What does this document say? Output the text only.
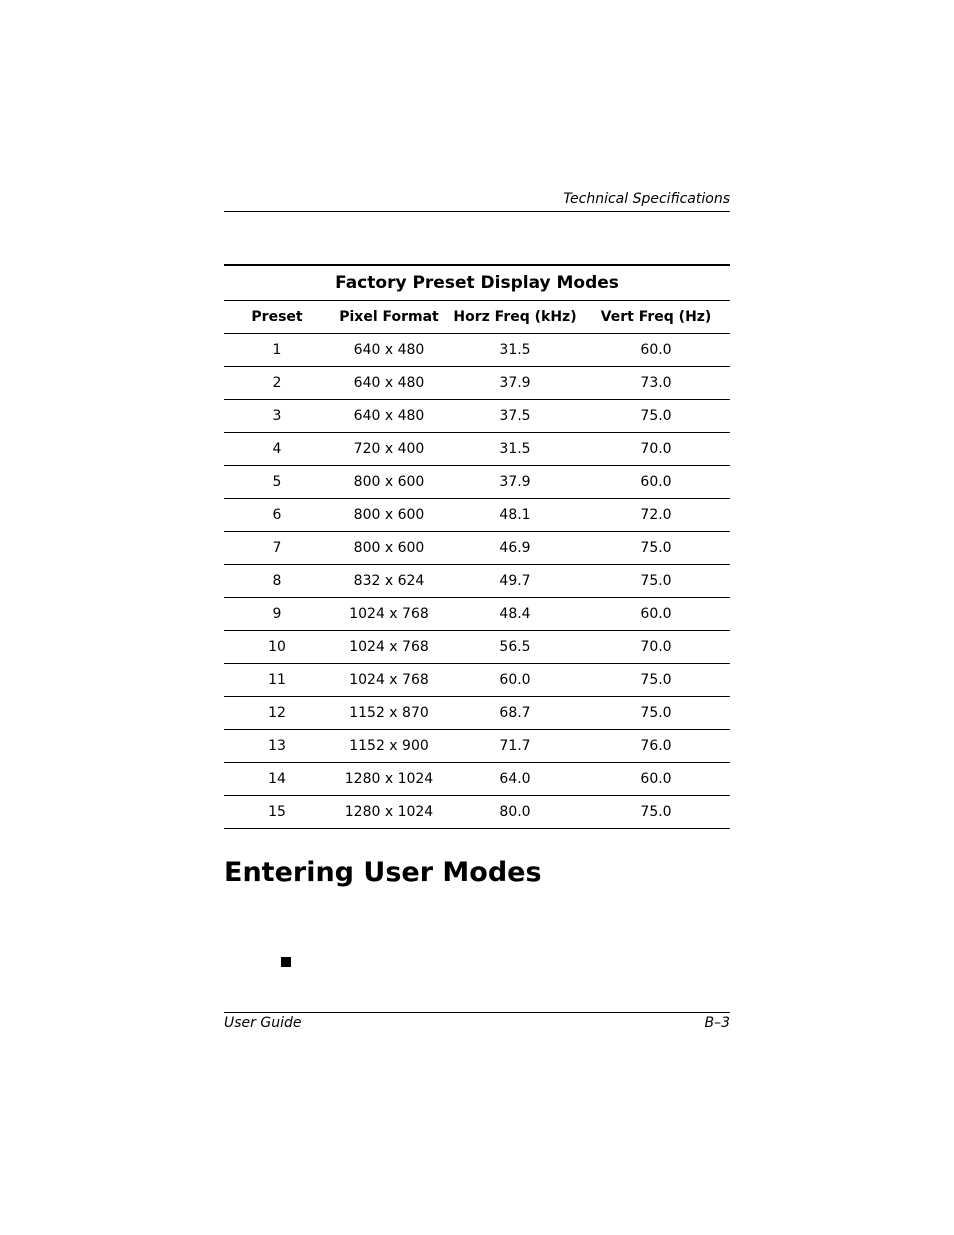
Technical Specifications
Factory Preset Display Modes			
Preset	Pixel Format	Horz Freq (kHz)	Vert Freq (Hz)
1	640 x 480	31.5	60.0
2	640 x 480	37.9	73.0
3	640 x 480	37.5	75.0
4	720 x 400	31.5	70.0
5	800 x 600	37.9	60.0
6	800 x 600	48.1	72.0
7	800 x 600	46.9	75.0
8	832 x 624	49.7	75.0
9	1024 x 768	48.4	60.0
10	1024 x 768	56.5	70.0
11	1024 x 768	60.0	75.0
12	1152 x 870	68.7	75.0
13	1152 x 900	71.7	76.0
14	1280 x 1024	64.0	60.0
15	1280 x 1024	80.0	75.0
Entering User Modes
User Guide	B–3
